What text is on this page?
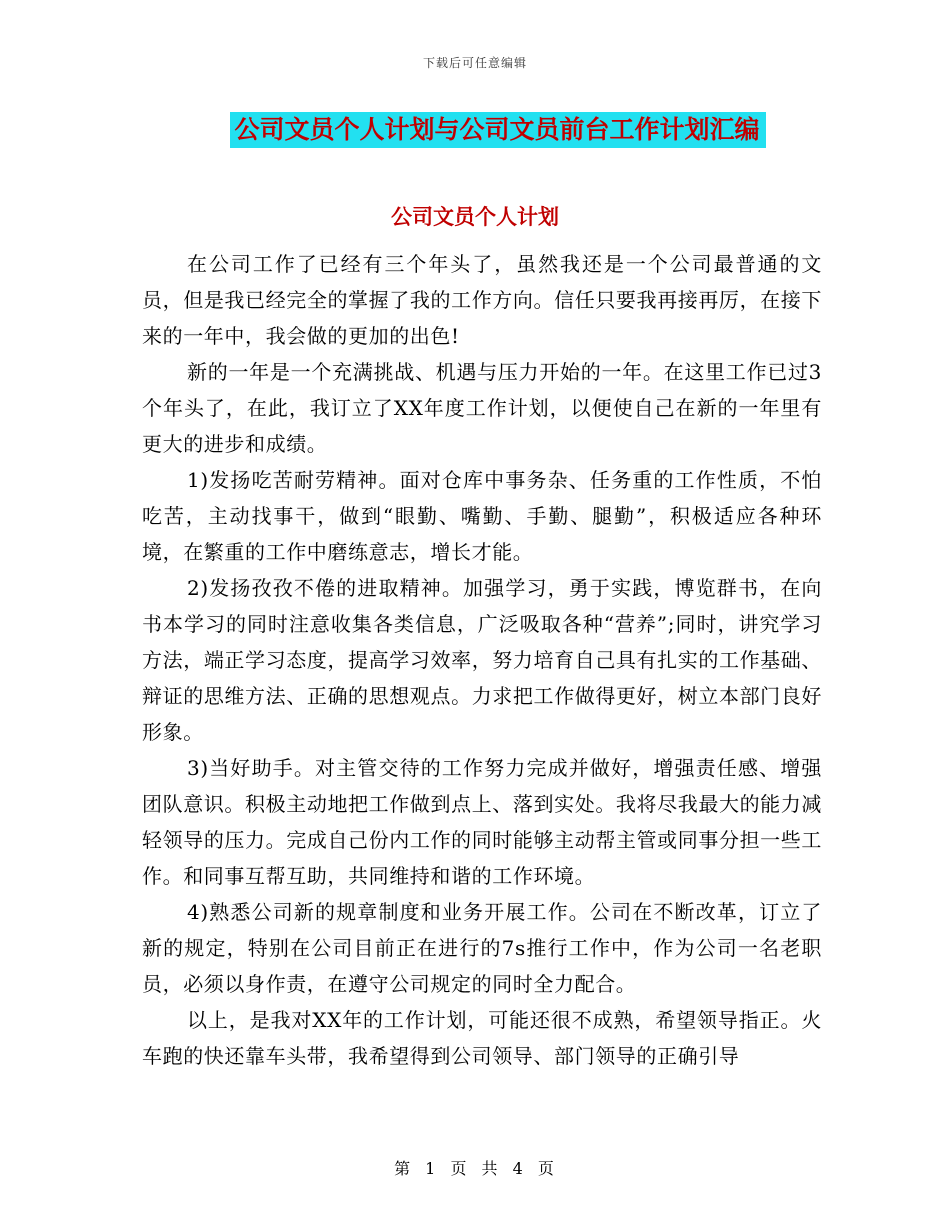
下载后可任意编辑
公司文员个人计划与公司文员前台工作计划汇编
公司文员个人计划

在公司工作了已经有三个年头了，虽然我还是一个公司最普通的文员，但是我已经完全的掌握了我的工作方向。信任只要我再接再厉，在接下来的一年中，我会做的更加的出色!

新的一年是一个充满挑战、机遇与压力开始的一年。在这里工作已过3个年头了，在此，我订立了XX年度工作计划，以便使自己在新的一年里有更大的进步和成绩。

1)发扬吃苦耐劳精神。面对仓库中事务杂、任务重的工作性质，不怕吃苦，主动找事干，做到“眼勤、嘴勤、手勤、腿勤”，积极适应各种环境，在繁重的工作中磨练意志，增长才能。

2)发扬孜孜不倦的进取精神。加强学习，勇于实践，博览群书，在向书本学习的同时注意收集各类信息，广泛吸取各种“营养”;同时，讲究学习方法，端正学习态度，提高学习效率，努力培育自己具有扎实的工作基础、辩证的思维方法、正确的思想观点。力求把工作做得更好，树立本部门良好形象。

3)当好助手。对主管交待的工作努力完成并做好，增强责任感、增强团队意识。积极主动地把工作做到点上、落到实处。我将尽我最大的能力减轻领导的压力。完成自己份内工作的同时能够主动帮主管或同事分担一些工作。和同事互帮互助，共同维持和谐的工作环境。

4)熟悉公司新的规章制度和业务开展工作。公司在不断改革，订立了新的规定，特别在公司目前正在进行的7s推行工作中，作为公司一名老职员，必须以身作责，在遵守公司规定的同时全力配合。

以上，是我对XX年的工作计划，可能还很不成熟，希望领导指正。火车跑的快还靠车头带，我希望得到公司领导、部门领导的正确引导

第 1 页 共 4 页
